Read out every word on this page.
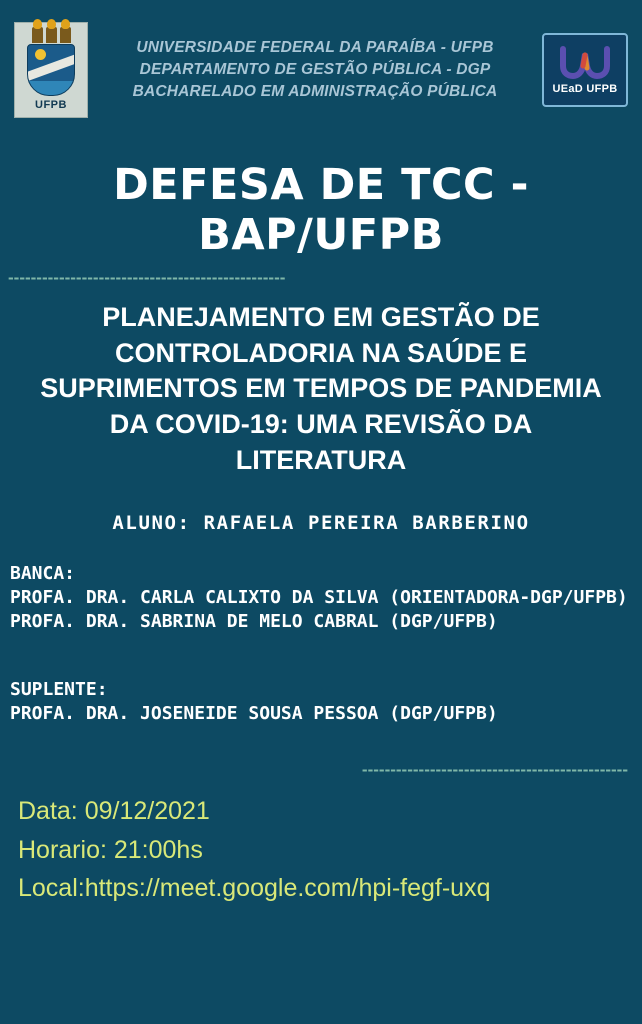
UFPB
UNIVERSIDADE FEDERAL DA PARAÍBA - UFPB
DEPARTAMENTO DE GESTÃO PÚBLICA - DGP
BACHARELADO EM ADMINISTRAÇÃO PÚBLICA	UEaD UFPB
DEFESA DE TCC - BAP/UFPB
-------------------------------------------------
PLANEJAMENTO EM GESTÃO DE CONTROLADORIA NA SAÚDE E SUPRIMENTOS EM TEMPOS DE PANDEMIA DA COVID-19: UMA REVISÃO DA LITERATURA
ALUNO: RAFAELA PEREIRA BARBERINO
BANCA:
PROFA. DRA. CARLA CALIXTO DA SILVA (ORIENTADORA-DGP/UFPB)
PROFA. DRA. SABRINA DE MELO CABRAL (DGP/UFPB)
SUPLENTE:
PROFA. DRA. JOSENEIDE SOUSA PESSOA (DGP/UFPB)
-----------------------------------------------
Data: 09/12/2021
Horario: 21:00hs
Local:https://meet.google.com/hpi-fegf-uxq
